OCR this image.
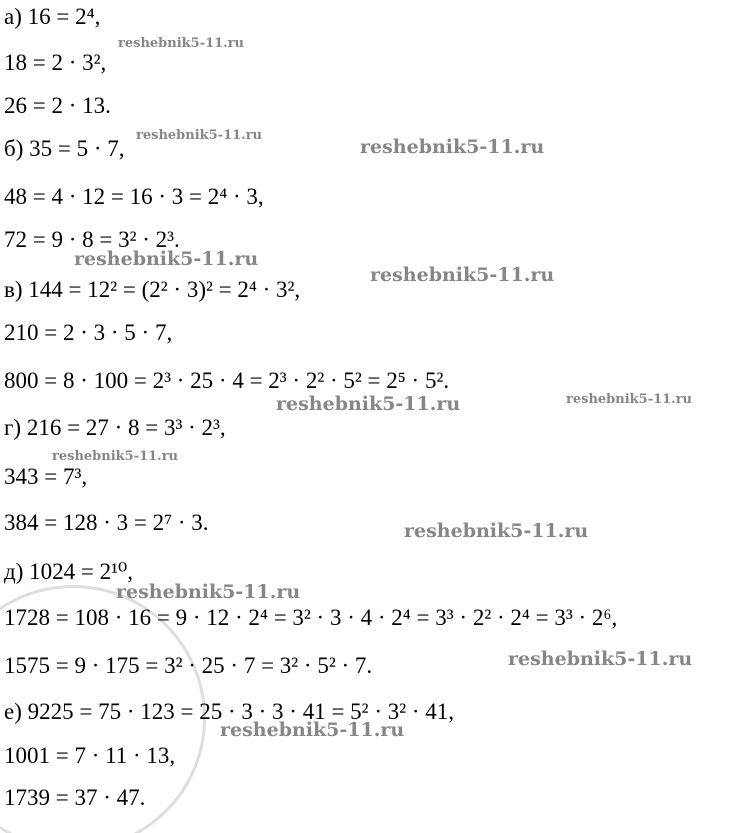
а) 16 = 2⁴,
18 = 2 · 3²,
26 = 2 · 13.
б) 35 = 5 · 7,
48 = 4 · 12 = 16 · 3 = 2⁴ · 3,
72 = 9 · 8 = 3² · 2³.
в) 144 = 12² = (2² · 3)² = 2⁴ · 3²,
210 = 2 · 3 · 5 · 7,
800 = 8 · 100 = 2³ · 25 · 4 = 2³ · 2² · 5² = 2⁵ · 5².
г) 216 = 27 · 8 = 3³ · 2³,
343 = 7³,
384 = 128 · 3 = 2⁷ · 3.
д) 1024 = 2¹⁰,
1728 = 108 · 16 = 9 · 12 · 2⁴ = 3² · 3 · 4 · 2⁴ = 3³ · 2² · 2⁴ = 3³ · 2⁶,
1575 = 9 · 175 = 3² · 25 · 7 = 3² · 5² · 7.
е) 9225 = 75 · 123 = 25 · 3 · 3 · 41 = 5² · 3² · 41,
1001 = 7 · 11 · 13,
1739 = 37 · 47.
reshebnik5-11.ru
reshebnik5-11.ru
reshebnik5-11.ru
reshebnik5-11.ru
reshebnik5-11.ru
reshebnik5-11.ru	reshebnik5-11.ru
reshebnik5-11.ru
reshebnik5-11.ru
reshebnik5-11.ru
reshebnik5-11.ru
reshebnik5-11.ru
